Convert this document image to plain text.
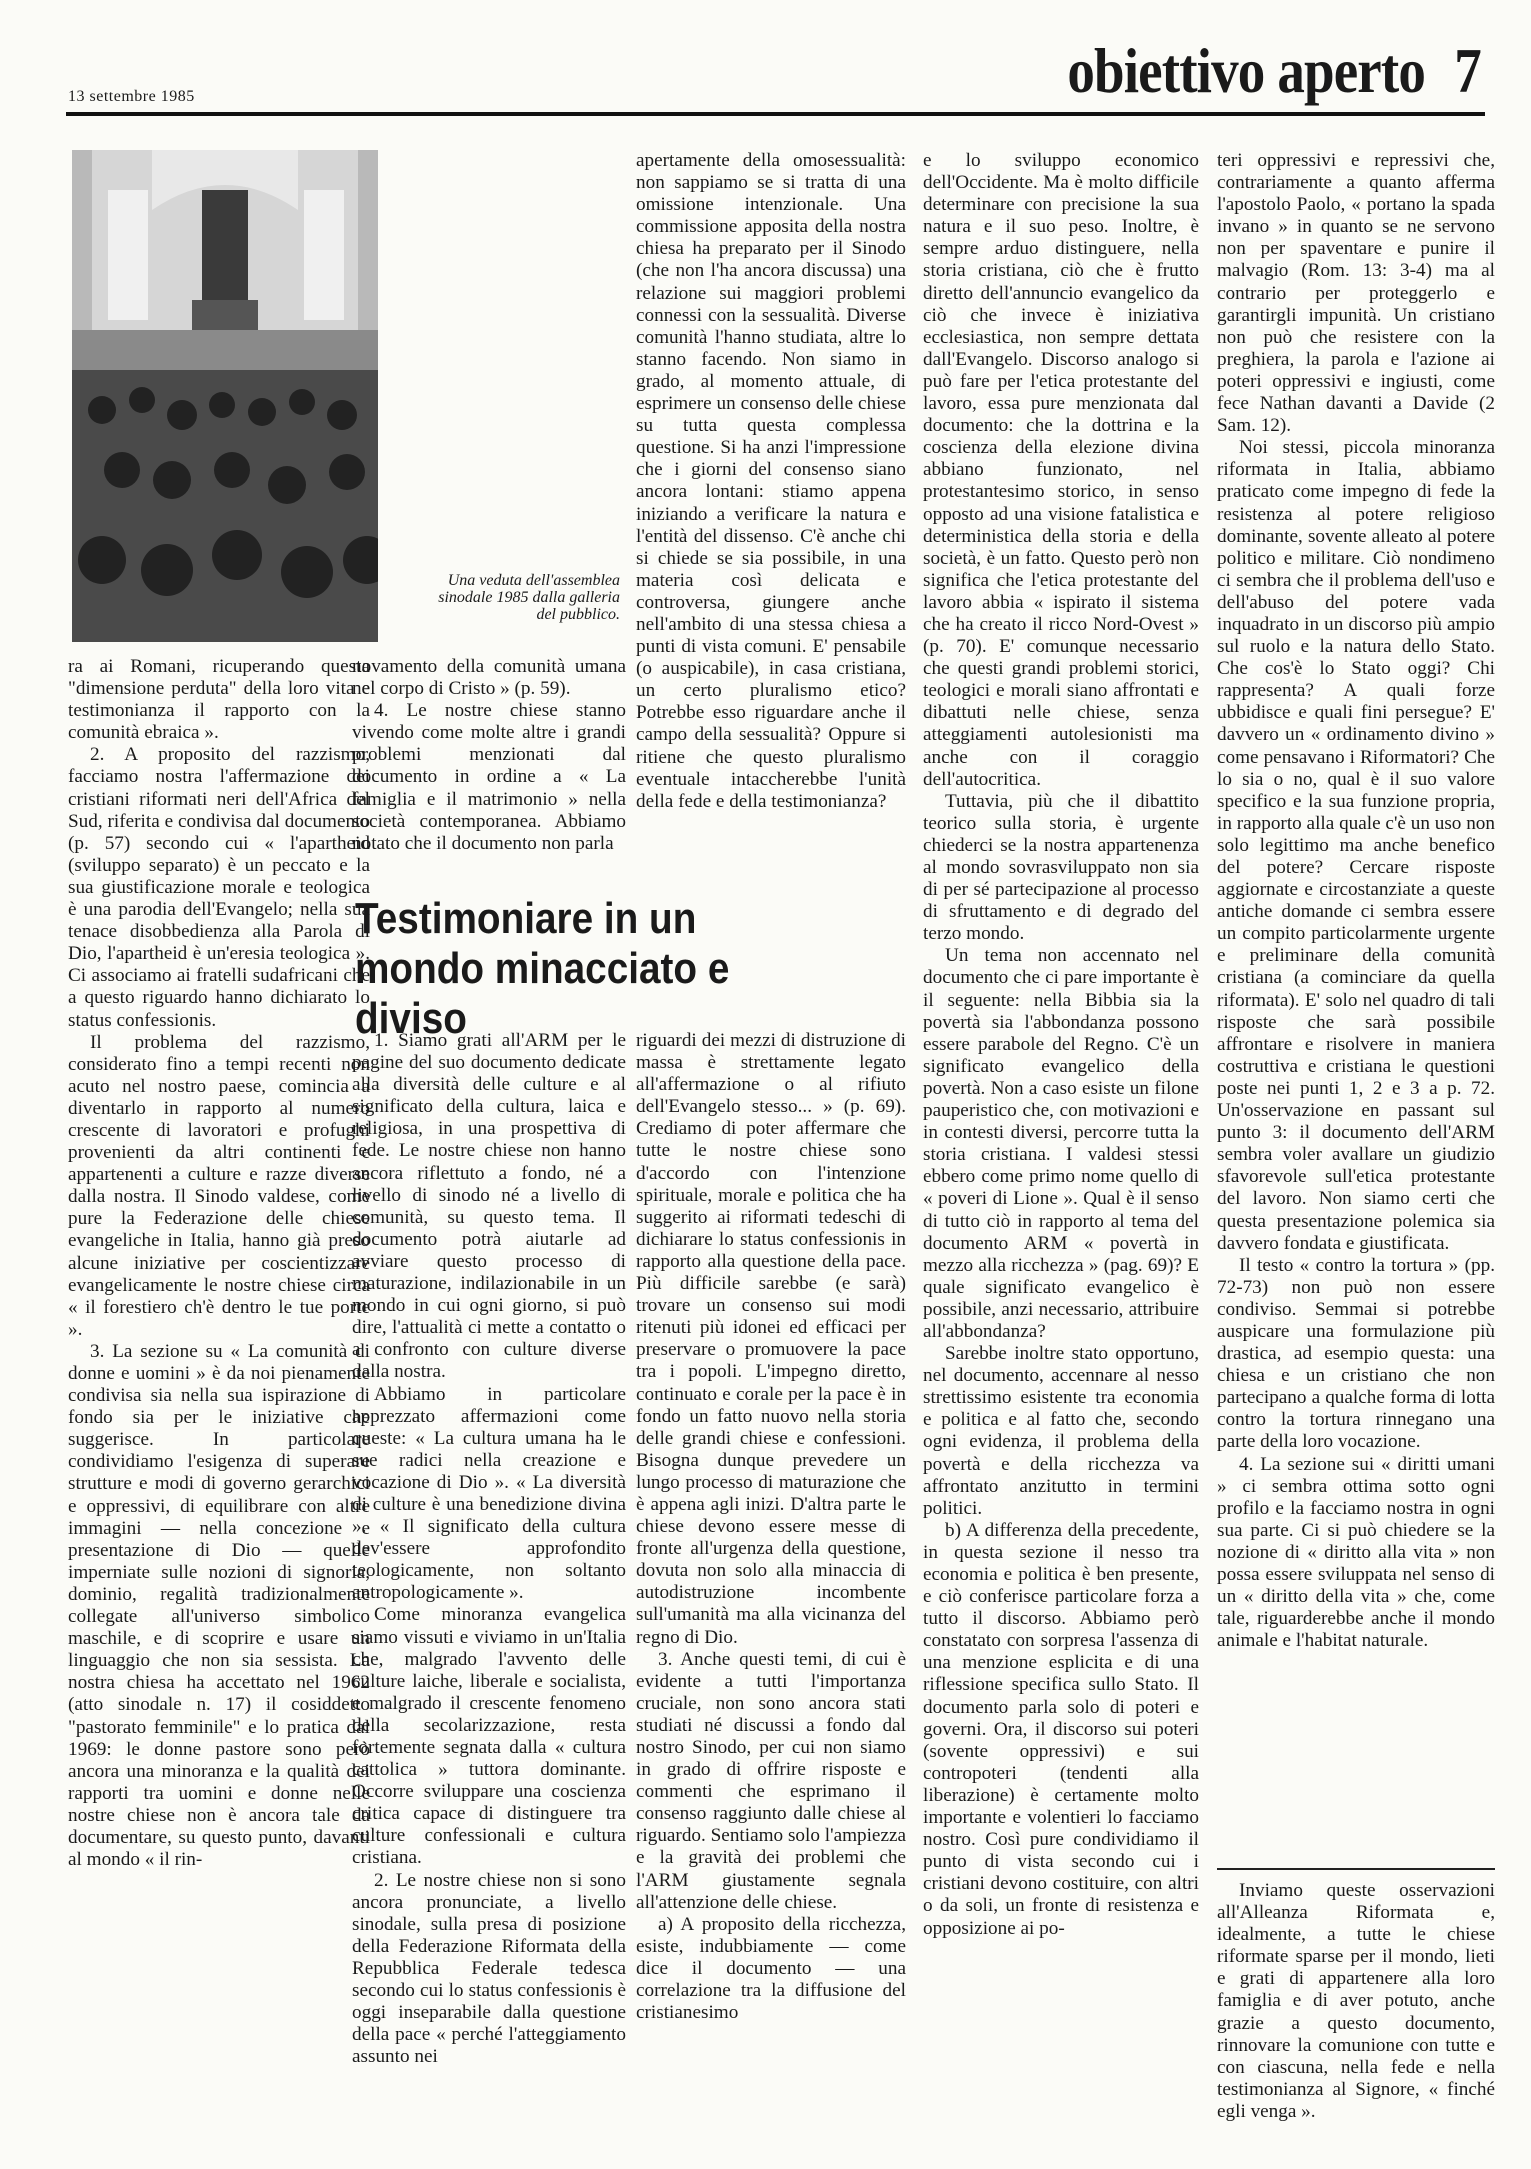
13 settembre 1985	obiettivo aperto 7
Una veduta dell'assemblea sinodale 1985 dalla galleria del pubblico.

ra ai Romani, ricuperando questa "dimensione perduta" della loro vita e testimonianza il rapporto con la comunità ebraica ».

2. A proposito del razzismo, facciamo nostra l'affermazione dei cristiani riformati neri dell'Africa del Sud, riferita e condivisa dal documento (p. 57) secondo cui « l'apartheid (sviluppo separato) è un peccato e la sua giustificazione morale e teologica è una parodia dell'Evangelo; nella sua tenace disobbedienza alla Parola di Dio, l'apartheid è un'eresia teologica ». Ci associamo ai fratelli sudafricani che a questo riguardo hanno dichiarato lo status confessionis.

Il problema del razzismo, considerato fino a tempi recenti non acuto nel nostro paese, comincia a diventarlo in rapporto al numero crescente di lavoratori e profughi provenienti da altri continenti e appartenenti a culture e razze diverse dalla nostra. Il Sinodo valdese, come pure la Federazione delle chiese evangeliche in Italia, hanno già preso alcune iniziative per coscientizzare evangelicamente le nostre chiese circa « il forestiero ch'è dentro le tue porte ».

3. La sezione su « La comunità di donne e uomini » è da noi pienamente condivisa sia nella sua ispirazione di fondo sia per le iniziative che suggerisce. In particolare condividiamo l'esigenza di superare strutture e modi di governo gerarchici e oppressivi, di equilibrare con altre immagini — nella concezione e presentazione di Dio — quelle imperniate sulle nozioni di signoria, dominio, regalità tradizionalmente collegate all'universo simbolico maschile, e di scoprire e usare un linguaggio che non sia sessista. La nostra chiesa ha accettato nel 1962 (atto sinodale n. 17) il cosiddetto "pastorato femminile" e lo pratica dal 1969: le donne pastore sono però ancora una minoranza e la qualità dei rapporti tra uomini e donne nelle nostre chiese non è ancora tale da documentare, su questo punto, davanti al mondo « il rin-

novamento della comunità umana nel corpo di Cristo » (p. 59).

4. Le nostre chiese stanno vivendo come molte altre i grandi problemi menzionati dal documento in ordine a « La famiglia e il matrimonio » nella società contemporanea. Abbiamo notato che il documento non parla

apertamente della omosessualità: non sappiamo se si tratta di una omissione intenzionale. Una commissione apposita della nostra chiesa ha preparato per il Sinodo (che non l'ha ancora discussa) una relazione sui maggiori problemi connessi con la sessualità. Diverse comunità l'hanno studiata, altre lo stanno facendo. Non siamo in grado, al momento attuale, di esprimere un consenso delle chiese su tutta questa complessa questione. Si ha anzi l'impressione che i giorni del consenso siano ancora lontani: stiamo appena iniziando a verificare la natura e l'entità del dissenso. C'è anche chi si chiede se sia possibile, in una materia così delicata e controversa, giungere anche nell'ambito di una stessa chiesa a punti di vista comuni. E' pensabile (o auspicabile), in casa cristiana, un certo pluralismo etico? Potrebbe esso riguardare anche il campo della sessualità? Oppure si ritiene che questo pluralismo eventuale intaccherebbe l'unità della fede e della testimonianza?

Testimoniare in un mondo minacciato e diviso

1. Siamo grati all'ARM per le pagine del suo documento dedicate alla diversità delle culture e al significato della cultura, laica e religiosa, in una prospettiva di fede. Le nostre chiese non hanno ancora riflettuto a fondo, né a livello di sinodo né a livello di comunità, su questo tema. Il documento potrà aiutarle ad avviare questo processo di maturazione, indilazionabile in un mondo in cui ogni giorno, si può dire, l'attualità ci mette a contatto o a confronto con culture diverse dalla nostra.

Abbiamo in particolare apprezzato affermazioni come queste: « La cultura umana ha le sue radici nella creazione e vocazione di Dio ». « La diversità di culture è una benedizione divina ». « Il significato della cultura dev'essere approfondito teologicamente, non soltanto antropologicamente ».

Come minoranza evangelica siamo vissuti e viviamo in un'Italia che, malgrado l'avvento delle culture laiche, liberale e socialista, e malgrado il crescente fenomeno della secolarizzazione, resta fortemente segnata dalla « cultura cattolica » tuttora dominante. Occorre sviluppare una coscienza critica capace di distinguere tra culture confessionali e cultura cristiana.

2. Le nostre chiese non si sono ancora pronunciate, a livello sinodale, sulla presa di posizione della Federazione Riformata della Repubblica Federale tedesca secondo cui lo status confessionis è oggi inseparabile dalla questione della pace « perché l'atteggiamento assunto nei

riguardi dei mezzi di distruzione di massa è strettamente legato all'affermazione o al rifiuto dell'Evangelo stesso... » (p. 69). Crediamo di poter affermare che tutte le nostre chiese sono d'accordo con l'intenzione spirituale, morale e politica che ha suggerito ai riformati tedeschi di dichiarare lo status confessionis in rapporto alla questione della pace. Più difficile sarebbe (e sarà) trovare un consenso sui modi ritenuti più idonei ed efficaci per preservare o promuovere la pace tra i popoli. L'impegno diretto, continuato e corale per la pace è in fondo un fatto nuovo nella storia delle grandi chiese e confessioni. Bisogna dunque prevedere un lungo processo di maturazione che è appena agli inizi. D'altra parte le chiese devono essere messe di fronte all'urgenza della questione, dovuta non solo alla minaccia di autodistruzione incombente sull'umanità ma alla vicinanza del regno di Dio.

3. Anche questi temi, di cui è evidente a tutti l'importanza cruciale, non sono ancora stati studiati né discussi a fondo dal nostro Sinodo, per cui non siamo in grado di offrire risposte e commenti che esprimano il consenso raggiunto dalle chiese al riguardo. Sentiamo solo l'ampiezza e la gravità dei problemi che l'ARM giustamente segnala all'attenzione delle chiese.

a) A proposito della ricchezza, esiste, indubbiamente — come dice il documento — una correlazione tra la diffusione del cristianesimo

e lo sviluppo economico dell'Occidente. Ma è molto difficile determinare con precisione la sua natura e il suo peso. Inoltre, è sempre arduo distinguere, nella storia cristiana, ciò che è frutto diretto dell'annuncio evangelico da ciò che invece è iniziativa ecclesiastica, non sempre dettata dall'Evangelo. Discorso analogo si può fare per l'etica protestante del lavoro, essa pure menzionata dal documento: che la dottrina e la coscienza della elezione divina abbiano funzionato, nel protestantesimo storico, in senso opposto ad una visione fatalistica e deterministica della storia e della società, è un fatto. Questo però non significa che l'etica protestante del lavoro abbia « ispirato il sistema che ha creato il ricco Nord-Ovest » (p. 70). E' comunque necessario che questi grandi problemi storici, teologici e morali siano affrontati e dibattuti nelle chiese, senza atteggiamenti autolesionisti ma anche con il coraggio dell'autocritica.

Tuttavia, più che il dibattito teorico sulla storia, è urgente chiederci se la nostra appartenenza al mondo sovrasviluppato non sia di per sé partecipazione al processo di sfruttamento e di degrado del terzo mondo.

Un tema non accennato nel documento che ci pare importante è il seguente: nella Bibbia sia la povertà sia l'abbondanza possono essere parabole del Regno. C'è un significato evangelico della povertà. Non a caso esiste un filone pauperistico che, con motivazioni e in contesti diversi, percorre tutta la storia cristiana. I valdesi stessi ebbero come primo nome quello di « poveri di Lione ». Qual è il senso di tutto ciò in rapporto al tema del documento ARM « povertà in mezzo alla ricchezza » (pag. 69)? E quale significato evangelico è possibile, anzi necessario, attribuire all'abbondanza?

Sarebbe inoltre stato opportuno, nel documento, accennare al nesso strettissimo esistente tra economia e politica e al fatto che, secondo ogni evidenza, il problema della povertà e della ricchezza va affrontato anzitutto in termini politici.

b) A differenza della precedente, in questa sezione il nesso tra economia e politica è ben presente, e ciò conferisce particolare forza a tutto il discorso. Abbiamo però constatato con sorpresa l'assenza di una menzione esplicita e di una riflessione specifica sullo Stato. Il documento parla solo di poteri e governi. Ora, il discorso sui poteri (sovente oppressivi) e sui contropoteri (tendenti alla liberazione) è certamente molto importante e volentieri lo facciamo nostro. Così pure condividiamo il punto di vista secondo cui i cristiani devono costituire, con altri o da soli, un fronte di resistenza e opposizione ai po-

teri oppressivi e repressivi che, contrariamente a quanto afferma l'apostolo Paolo, « portano la spada invano » in quanto se ne servono non per spaventare e punire il malvagio (Rom. 13: 3-4) ma al contrario per proteggerlo e garantirgli impunità. Un cristiano non può che resistere con la preghiera, la parola e l'azione ai poteri oppressivi e ingiusti, come fece Nathan davanti a Davide (2 Sam. 12).

Noi stessi, piccola minoranza riformata in Italia, abbiamo praticato come impegno di fede la resistenza al potere religioso dominante, sovente alleato al potere politico e militare. Ciò nondimeno ci sembra che il problema dell'uso e dell'abuso del potere vada inquadrato in un discorso più ampio sul ruolo e la natura dello Stato. Che cos'è lo Stato oggi? Chi rappresenta? A quali forze ubbidisce e quali fini persegue? E' davvero un « ordinamento divino » come pensavano i Riformatori? Che lo sia o no, qual è il suo valore specifico e la sua funzione propria, in rapporto alla quale c'è un uso non solo legittimo ma anche benefico del potere? Cercare risposte aggiornate e circostanziate a queste antiche domande ci sembra essere un compito particolarmente urgente e preliminare della comunità cristiana (a cominciare da quella riformata). E' solo nel quadro di tali risposte che sarà possibile affrontare e risolvere in maniera costruttiva e cristiana le questioni poste nei punti 1, 2 e 3 a p. 72. Un'osservazione en passant sul punto 3: il documento dell'ARM sembra voler avallare un giudizio sfavorevole sull'etica protestante del lavoro. Non siamo certi che questa presentazione polemica sia davvero fondata e giustificata.

Il testo « contro la tortura » (pp. 72-73) non può non essere condiviso. Semmai si potrebbe auspicare una formulazione più drastica, ad esempio questa: una chiesa e un cristiano che non partecipano a qualche forma di lotta contro la tortura rinnegano una parte della loro vocazione.

4. La sezione sui « diritti umani » ci sembra ottima sotto ogni profilo e la facciamo nostra in ogni sua parte. Ci si può chiedere se la nozione di « diritto alla vita » non possa essere sviluppata nel senso di un « diritto della vita » che, come tale, riguarderebbe anche il mondo animale e l'habitat naturale.

Inviamo queste osservazioni all'Alleanza Riformata e, idealmente, a tutte le chiese riformate sparse per il mondo, lieti e grati di appartenere alla loro famiglia e di aver potuto, anche grazie a questo documento, rinnovare la comunione con tutte e con ciascuna, nella fede e nella testimonianza al Signore, « finché egli venga ».
